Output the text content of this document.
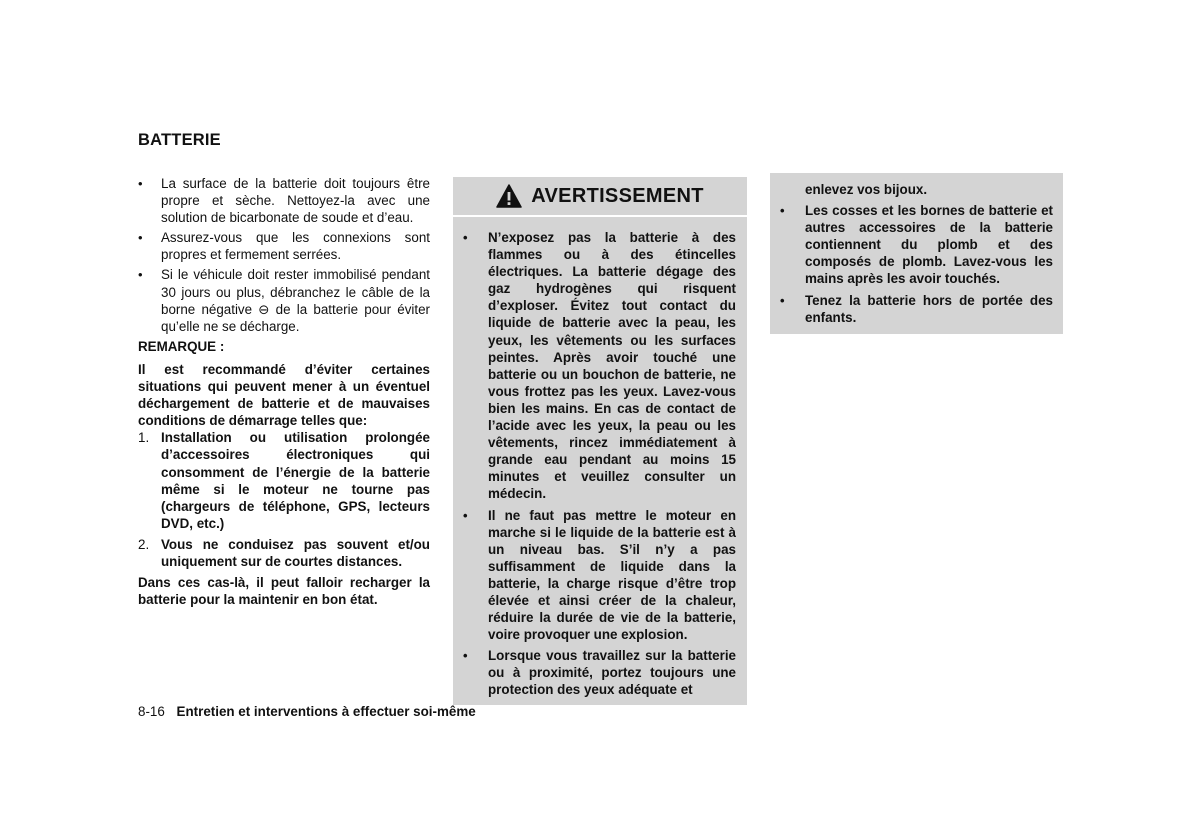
BATTERIE
• La surface de la batterie doit toujours être propre et sèche. Nettoyez-la avec une solution de bicarbonate de soude et d’eau.
• Assurez-vous que les connexions sont propres et fermement serrées.
• Si le véhicule doit rester immobilisé pendant 30 jours ou plus, débranchez le câble de la borne négative ⊖ de la batterie pour éviter qu’elle ne se décharge.
REMARQUE :
Il est recommandé d’éviter certaines situations qui peuvent mener à un éventuel déchargement de batterie et de mauvaises conditions de démarrage telles que:
1. Installation ou utilisation prolongée d’accessoires électroniques qui consomment de l’énergie de la batterie même si le moteur ne tourne pas (chargeurs de téléphone, GPS, lecteurs DVD, etc.)
2. Vous ne conduisez pas souvent et/ou uniquement sur de courtes distances.
Dans ces cas-là, il peut falloir recharger la batterie pour la maintenir en bon état.
AVERTISSEMENT
• N’exposez pas la batterie à des flammes ou à des étincelles électriques. La batterie dégage des gaz hydrogènes qui risquent d’exploser. Évitez tout contact du liquide de batterie avec la peau, les yeux, les vêtements ou les surfaces peintes. Après avoir touché une batterie ou un bouchon de batterie, ne vous frottez pas les yeux. Lavez-vous bien les mains. En cas de contact de l’acide avec les yeux, la peau ou les vêtements, rincez immédiatement à grande eau pendant au moins 15 minutes et veuillez consulter un médecin.
• Il ne faut pas mettre le moteur en marche si le liquide de la batterie est à un niveau bas. S’il n’y a pas suffisamment de liquide dans la batterie, la charge risque d’être trop élevée et ainsi créer de la chaleur, réduire la durée de vie de la batterie, voire provoquer une explosion.
• Lorsque vous travaillez sur la batterie ou à proximité, portez toujours une protection des yeux adéquate et
enlevez vos bijoux.
• Les cosses et les bornes de batterie et autres accessoires de la batterie contiennent du plomb et des composés de plomb. Lavez-vous les mains après les avoir touchés.
• Tenez la batterie hors de portée des enfants.
8-16 Entretien et interventions à effectuer soi-même
